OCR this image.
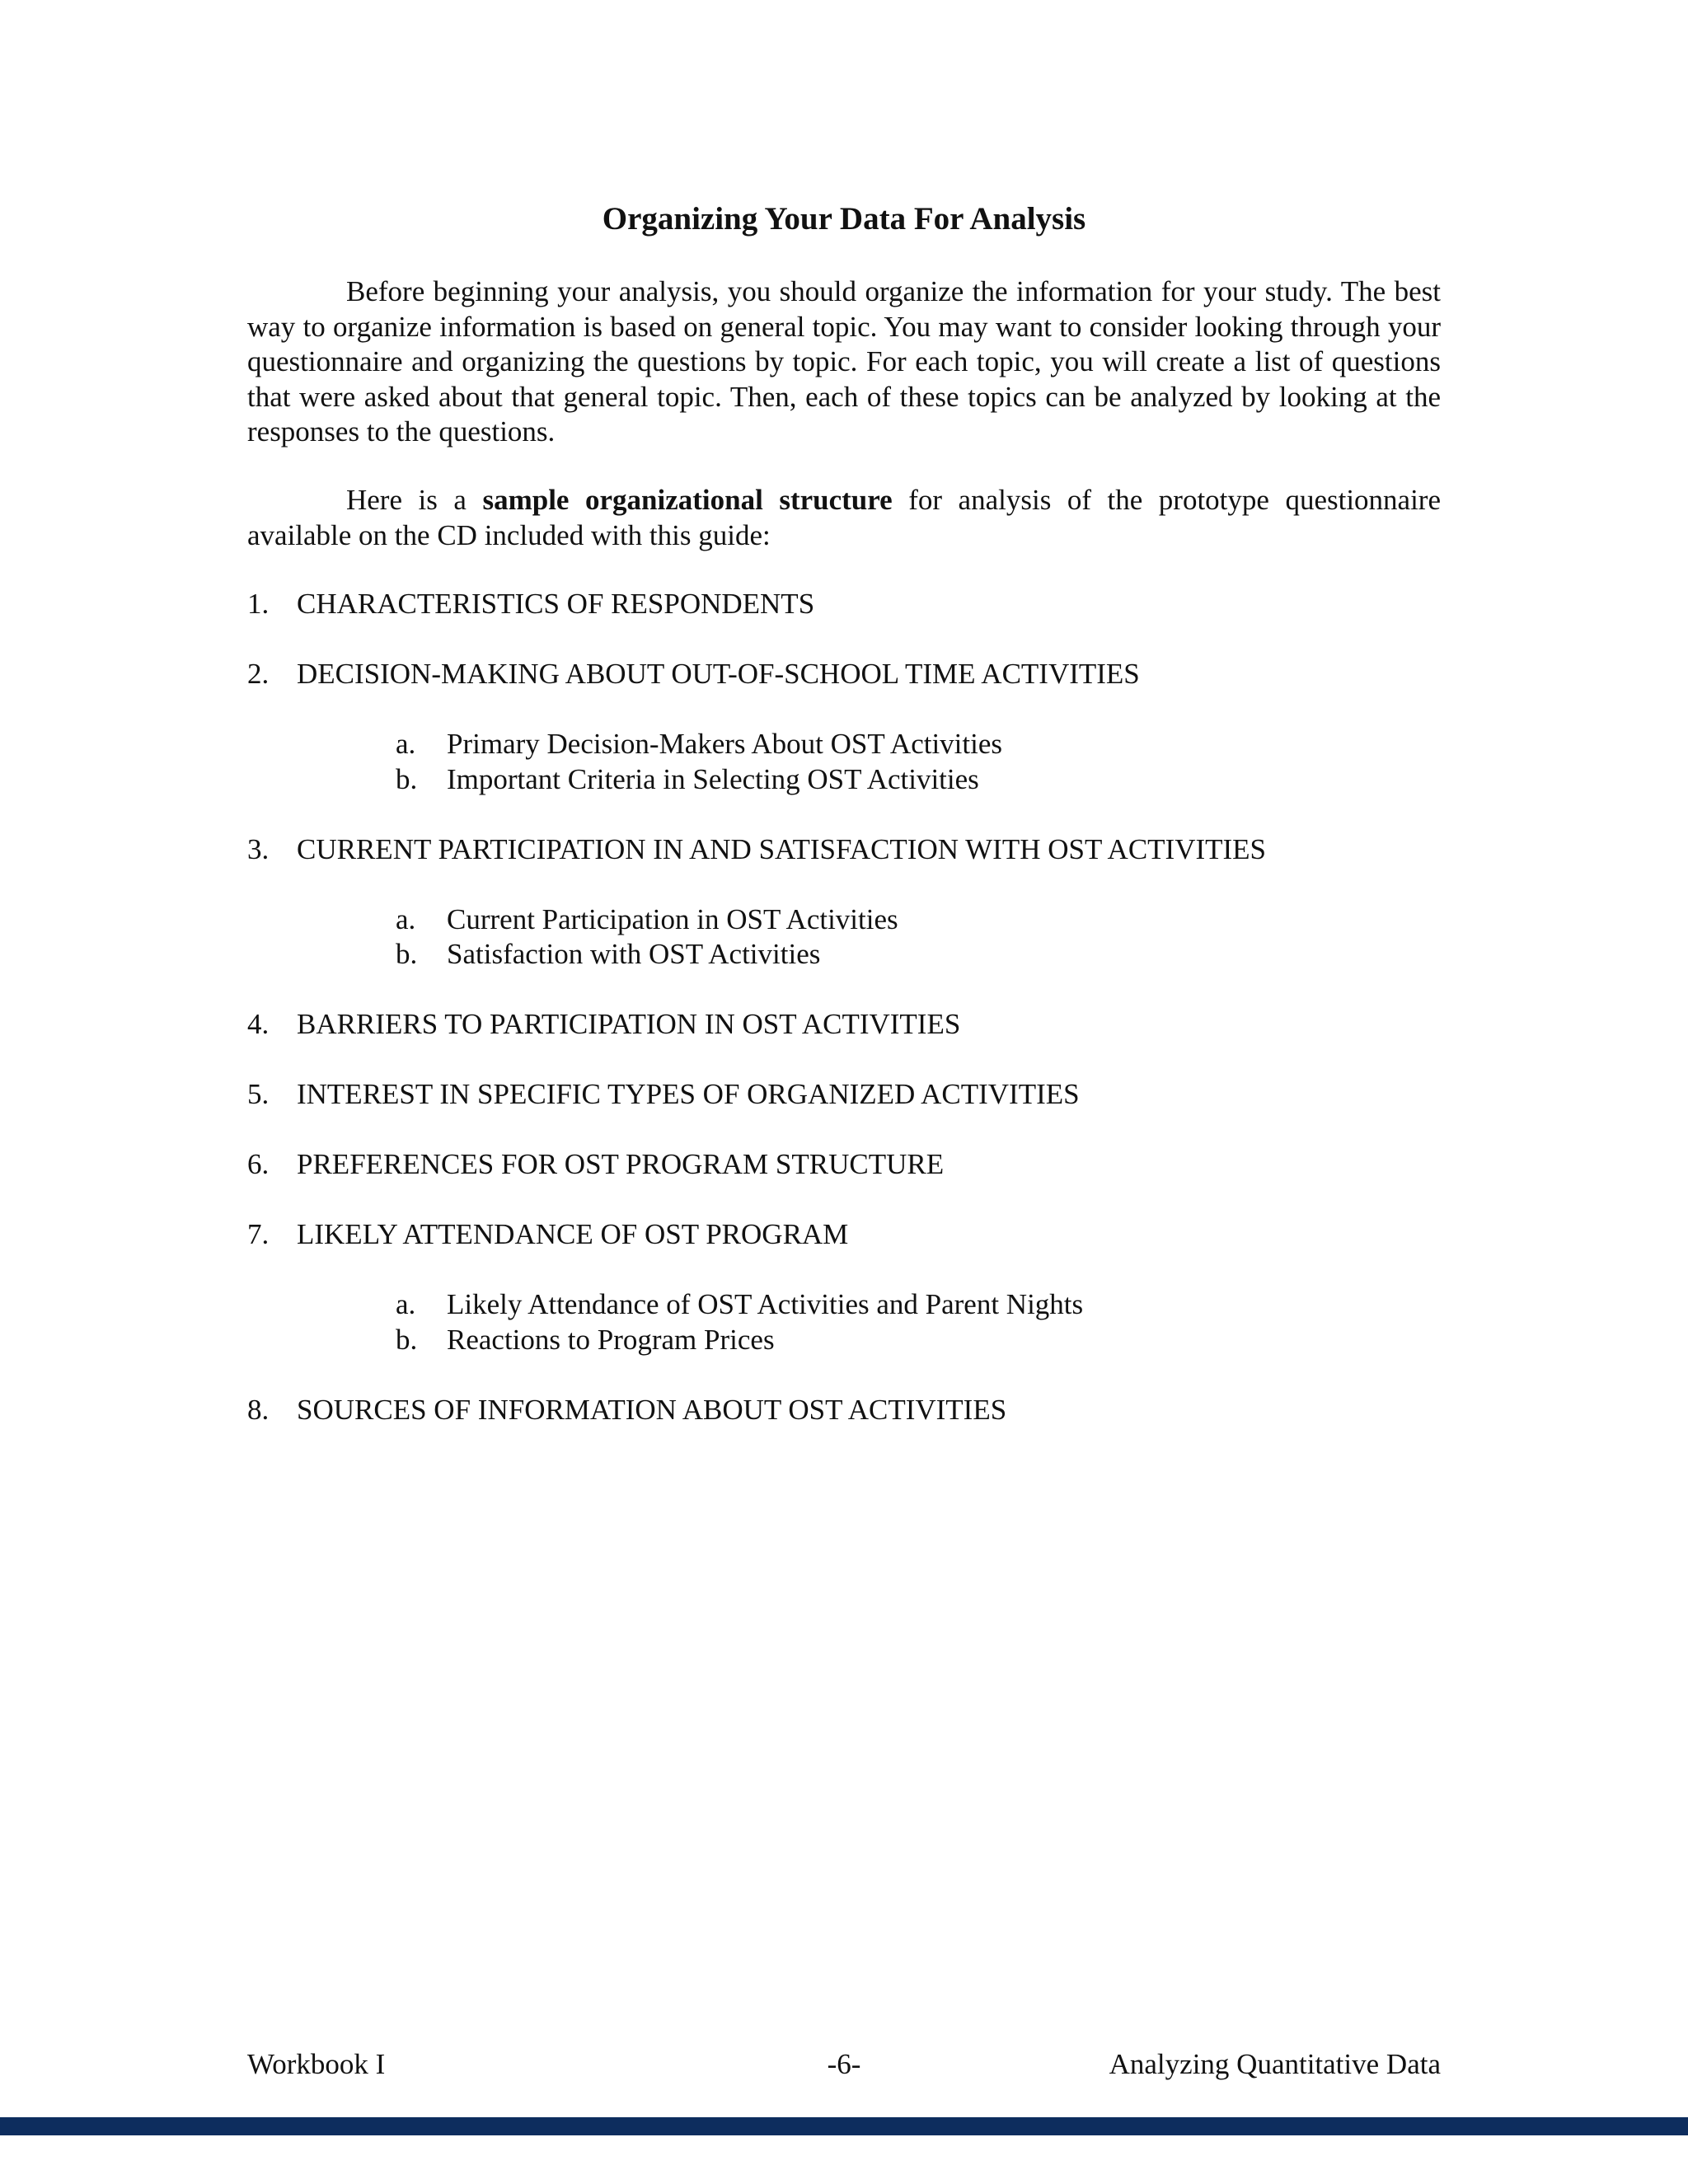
Organizing Your Data For Analysis

Before beginning your analysis, you should organize the information for your study. The best way to organize information is based on general topic. You may want to consider looking through your questionnaire and organizing the questions by topic. For each topic, you will create a list of questions that were asked about that general topic. Then, each of these topics can be analyzed by looking at the responses to the questions.

Here is a sample organizational structure for analysis of the prototype questionnaire available on the CD included with this guide:

1. CHARACTERISTICS OF RESPONDENTS
2. DECISION-MAKING ABOUT OUT-OF-SCHOOL TIME ACTIVITIES
a. Primary Decision-Makers About OST Activities
b. Important Criteria in Selecting OST Activities
3. CURRENT PARTICIPATION IN AND SATISFACTION WITH OST ACTIVITIES
a. Current Participation in OST Activities
b. Satisfaction with OST Activities
4. BARRIERS TO PARTICIPATION IN OST ACTIVITIES
5. INTEREST IN SPECIFIC TYPES OF ORGANIZED ACTIVITIES
6. PREFERENCES FOR OST PROGRAM STRUCTURE
7. LIKELY ATTENDANCE OF OST PROGRAM
a. Likely Attendance of OST Activities and Parent Nights
b. Reactions to Program Prices
8. SOURCES OF INFORMATION ABOUT OST ACTIVITIES
Workbook I	-6-	Analyzing Quantitative Data
